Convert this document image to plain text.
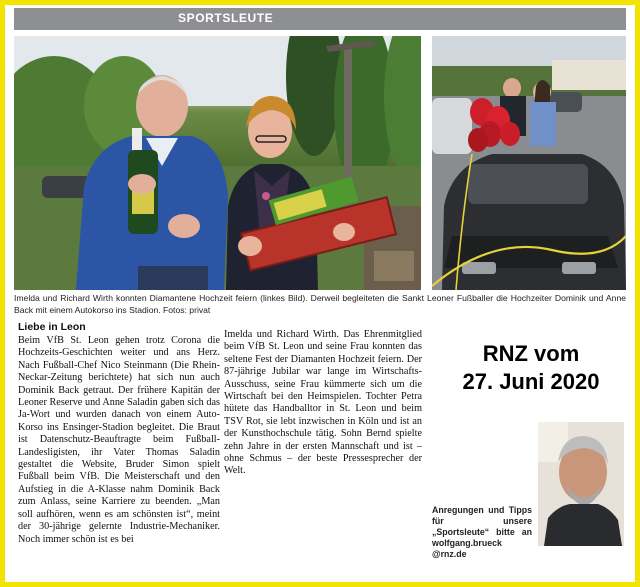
SPORTSLEUTE
Imelda und Richard Wirth konnten Diamantene Hochzeit feiern (linkes Bild). Derweil begleiteten die Sankt Leoner Fußballer die Hochzeiter Dominik und Anne Back mit einem Autokorso ins Stadion. Fotos: privat
Liebe in Leon

Beim VfB St. Leon gehen trotz Corona die Hochzeits-Geschichten weiter und ans Herz. Nach Fußball-Chef Nico Steinmann (Die Rhein-Neckar-Zeitung berichtete) hat sich nun auch Dominik Back getraut. Der frühere Kapitän der Leoner Reserve und Anne Saladin gaben sich das Ja-Wort und wurden danach von einem Auto-Korso ins Ensinger-Stadion begleitet. Die Braut ist Datenschutz-Beauftragte beim Fußball-Landesligisten, ihr Vater Thomas Saladin gestaltet die Website, Bruder Simon spielt Fußball beim VfB. Die Meisterschaft und den Aufstieg in die A-Klasse nahm Dominik Back zum Anlass, seine Karriere zu beenden. „Man soll aufhören, wenn es am schönsten ist“, meint der 30-jährige gelernte Industrie-Mechaniker. Noch immer schön ist es bei

Imelda und Richard Wirth. Das Ehrenmitglied beim VfB St. Leon und seine Frau konnten das seltene Fest der Diamanten Hochzeit feiern. Der 87-jährige Jubilar war lange im Wirtschafts-Ausschuss, seine Frau kümmerte sich um die Wirtschaft bei den Heimspielen. Tochter Petra hütete das Handballtor in St. Leon und beim TSV Rot, sie lebt inzwischen in Köln und ist an der Kunsthochschule tätig. Sohn Bernd spielte zehn Jahre in der ersten Mannschaft und ist – ohne Schmus – der beste Pressesprecher der Welt.

RNZ vom
27. Juni 2020
Anregungen und Tipps für unsere „Sportsleute“ bitte an wolfgang.brueck @rnz.de
